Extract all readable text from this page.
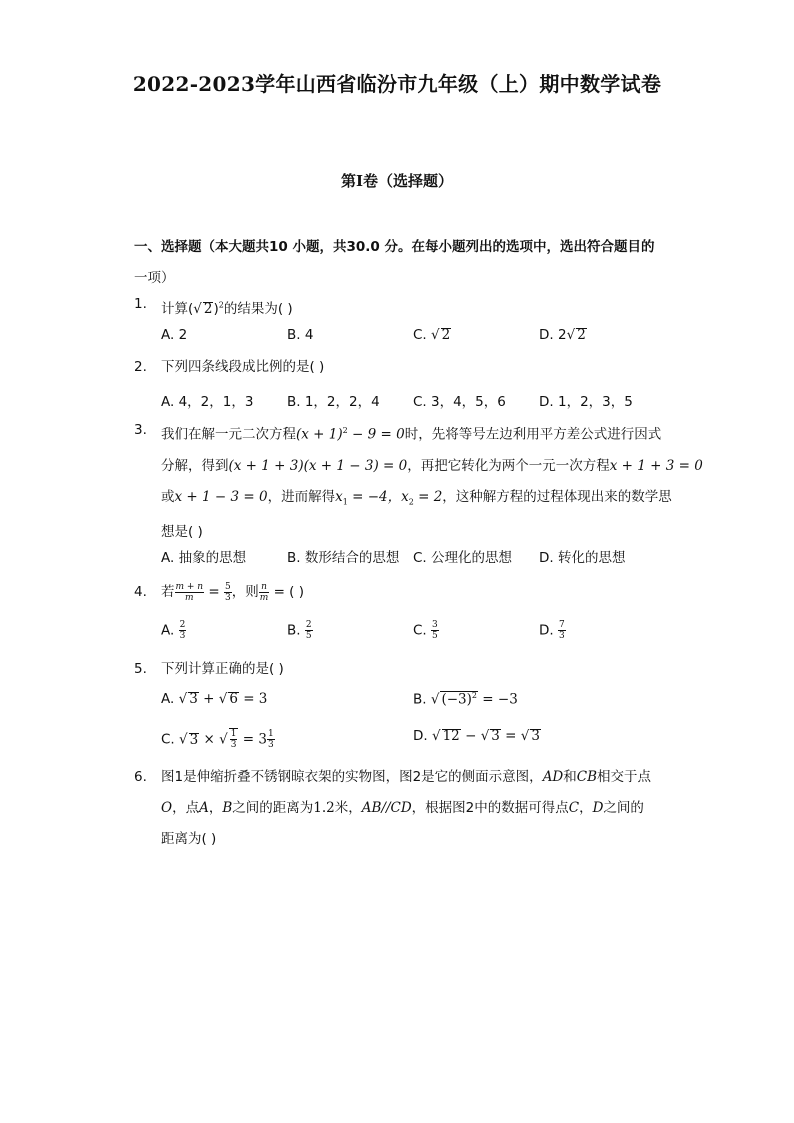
2022-2023学年山西省临汾市九年级（上）期中数学试卷
第I卷（选择题）
一、选择题（本大题共10 小题，共30.0 分。在每小题列出的选项中，选出符合题目的
一项）
1. 计算(√ 2)$^2$的结果为( )
A. 2	B. 4	C. √ 2	D. 2√ 2
2. 下列四条线段成比例的是( )
A. 4，2，1，3 B. 1，2，2，4 C. 3，4，5，6 D. 1，2，3，5
3. 我们在解一元二次方程$(x + 1)^2 - 9 = 0$时，先将等号左边利用平方差公式进行因式
分解，得到(x + 1 + 3)(x + 1 − 3) = 0，再把它转化为两个一元一次方程x + 1 + 3 = 0
或x + 1 − 3 = 0，进而解得$x_1 = -4$，$x_2 = 2$，这种解方程的过程体现出来的数学思
想是( )
A. 抽象的思想	B. 数形结合的思想 C. 公理化的思想 D. 转化的思想
4. 若 $\frac{m + n}{m} = \frac{5}{3}$ ，则 $\frac{n}{m}$ = ( )
A. $\frac{2}{3}$	B. $\frac{2}{5}$	C. $\frac{3}{5}$	D. $\frac{7}{3}$
5. 下列计算正确的是( )
A. √ 3 + √ 6 = 3	B. √ $(-3)^2 = -3$
C. √ 3 × √ $\frac{1}{3} = 3 \frac{1}{3}$	D. √ 12 − √ 3 = √ 3
6. 图1是伸缩折叠不锈钢晾衣架的实物图，图2是它的侧面示意图，AD和CB相交于点
O，点A，B之间的距离为1.2米，AB//CD，根据图2中的数据可得点C，D之间的
距离为( )
